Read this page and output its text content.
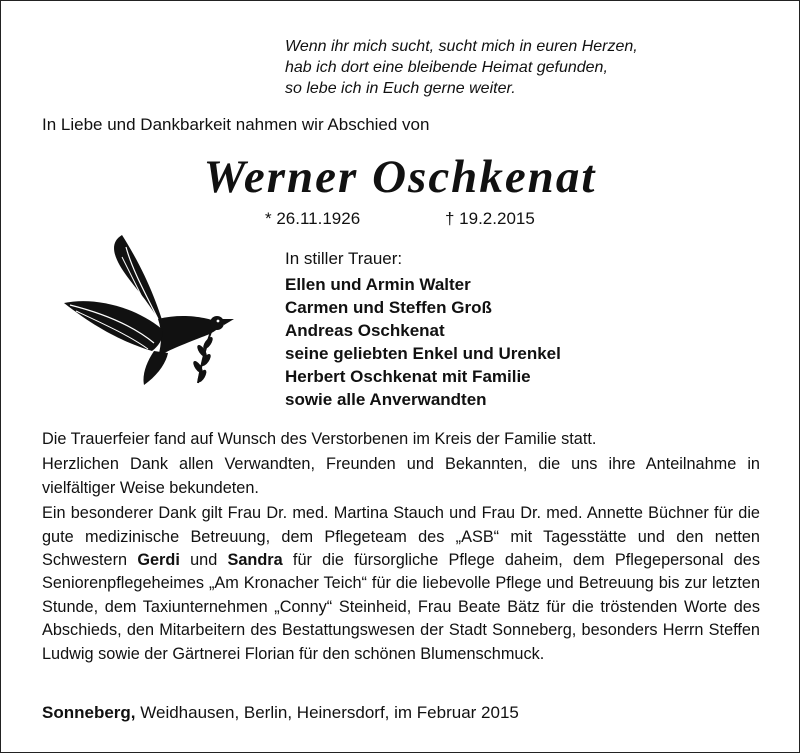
Wenn ihr mich sucht, sucht mich in euren Herzen,
hab ich dort eine bleibende Heimat gefunden,
so lebe ich in Euch gerne weiter.
In Liebe und Dankbarkeit nahmen wir Abschied von
Werner Oschkenat
* 26.11.1926	† 19.2.2015
In stiller Trauer:
Ellen und Armin Walter
Carmen und Steffen Groß
Andreas Oschkenat
seine geliebten Enkel und Urenkel
Herbert Oschkenat mit Familie
sowie alle Anverwandten

Die Trauerfeier fand auf Wunsch des Verstorbenen im Kreis der Familie statt.

Herzlichen Dank allen Verwandten, Freunden und Bekannten, die uns ihre Anteilnahme in vielfältiger Weise bekundeten.

Ein besonderer Dank gilt Frau Dr. med. Martina Stauch und Frau Dr. med. Annette Büchner für die gute medizinische Betreuung, dem Pflegeteam des „ASB“ mit Tagesstätte und den netten Schwestern Gerdi und Sandra für die fürsorgliche Pflege daheim, dem Pflegepersonal des Seniorenpflegeheimes „Am Kronacher Teich“ für die liebevolle Pflege und Betreuung bis zur letzten Stunde, dem Taxiunternehmen „Conny“ Steinheid, Frau Beate Bätz für die tröstenden Worte des Abschieds, den Mitarbeitern des Bestattungswesen der Stadt Sonneberg, besonders Herrn Steffen Ludwig sowie der Gärtnerei Florian für den schönen Blumenschmuck.

Sonneberg, Weidhausen, Berlin, Heinersdorf, im Februar 2015
